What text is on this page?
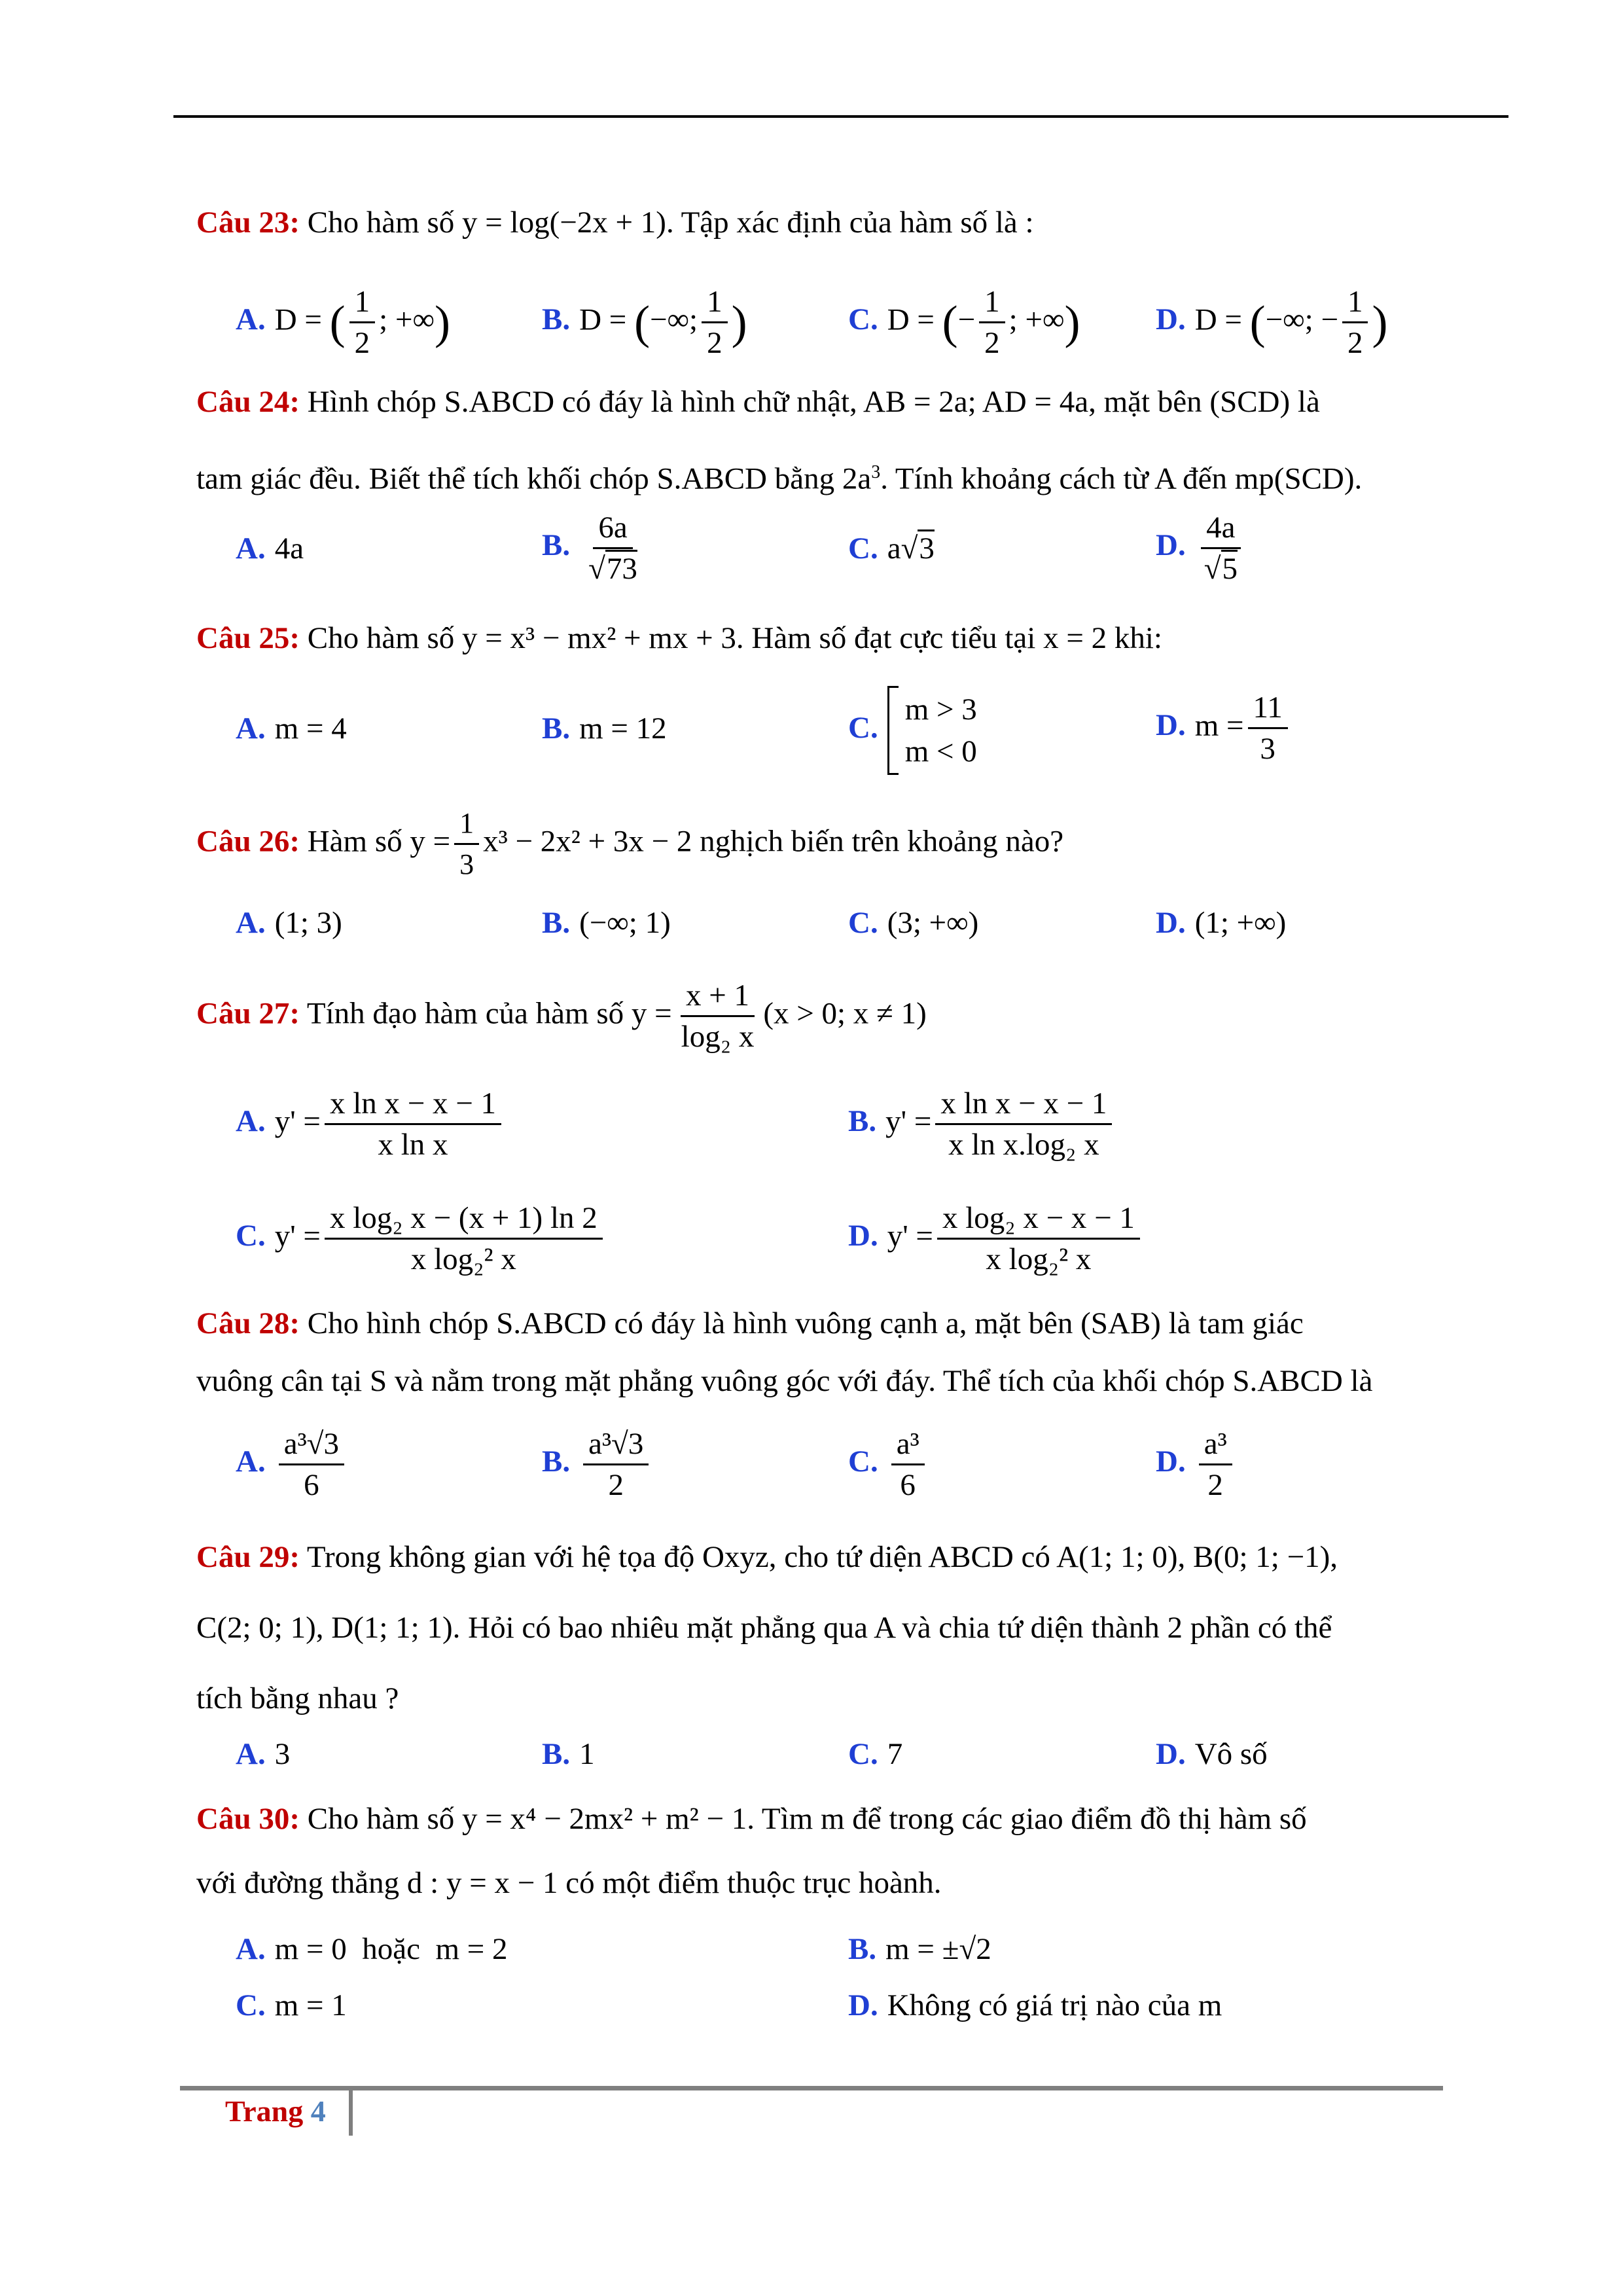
Câu 23: Cho hàm số y = log(−2x + 1). Tập xác định của hàm số là :
A. D = ( $\frac{1}{2}$ ; +∞)	B. D = (−∞; $\frac{1}{2}$ )	C. D = (− $\frac{1}{2}$ ; +∞) D. D = (−∞; − $\frac{1}{2}$ )
Câu 24: Hình chóp S.ABCD có đáy là hình chữ nhật, AB = 2a; AD = 4a, mặt bên (SCD) là
tam giác đều. Biết thể tích khối chóp S.ABCD bằng $2a^3$. Tính khoảng cách từ A đến mp(SCD).
A. 4a	B. $\frac{6a}{√73}$	C. a√3	D. $\frac{4a}{√5}$
Câu 25: Cho hàm số y = x³ − mx² + mx + 3. Hàm số đạt cực tiểu tại x = 2 khi:
A. m = 4	B. m = 12	C.
m > 3
m < 0
D. $m = \frac{11}{3}$
Câu 26: Hàm số $y = \frac{1}{3} x^3 - 2x^2 + 3x - 2$ nghịch biến trên khoảng nào?
A. (1; 3)	B. (−∞; 1)	C. (3; +∞)	D. (1; +∞)
Câu 27: Tính đạo hàm của hàm số $y = \frac{x + 1}{\text{log₂ x}} (x > 0$; x ≠ 1)
A. $y' = \frac{\text{x ln x − x − 1}}{\text{x ln x}}$	B. $y' = \frac{\text{x ln x − x − 1}}{\text{x ln x.log₂ x}}$
C. $y' = \frac{\text{x log₂ x − (x + 1) ln 2}}{\text{x log₂² x}}$	D. $y' = \frac{\text{x log₂ x − x − 1}}{\text{x log₂² x}}$
Câu 28: Cho hình chóp S.ABCD có đáy là hình vuông cạnh a, mặt bên (SAB) là tam giác
vuông cân tại S và nằm trong mặt phẳng vuông góc với đáy. Thể tích của khối chóp S.ABCD là
A. $\frac{\text{a³√3}}{6}$	B. $\frac{\text{a³√3}}{2}$	C. $\frac{\text{a³}}{6}$	D. $\frac{\text{a³}}{2}$
Câu 29: Trong không gian với hệ tọa độ Oxyz, cho tứ diện ABCD có A(1; 1; 0), B(0; 1; −1),
C(2; 0; 1), D(1; 1; 1). Hỏi có bao nhiêu mặt phẳng qua A và chia tứ diện thành 2 phần có thể
tích bằng nhau ?
A. 3	B. 1	C. 7	D. Vô số
Câu 30: Cho hàm số y = x⁴ − 2mx² + m² − 1. Tìm m để trong các giao điểm đồ thị hàm số
với đường thẳng d : y = x − 1 có một điểm thuộc trục hoành.
A. m = 0  hoặc  m = 2	B. m = ±√2
C. m = 1	D. Không có giá trị nào của m
Trang 4
